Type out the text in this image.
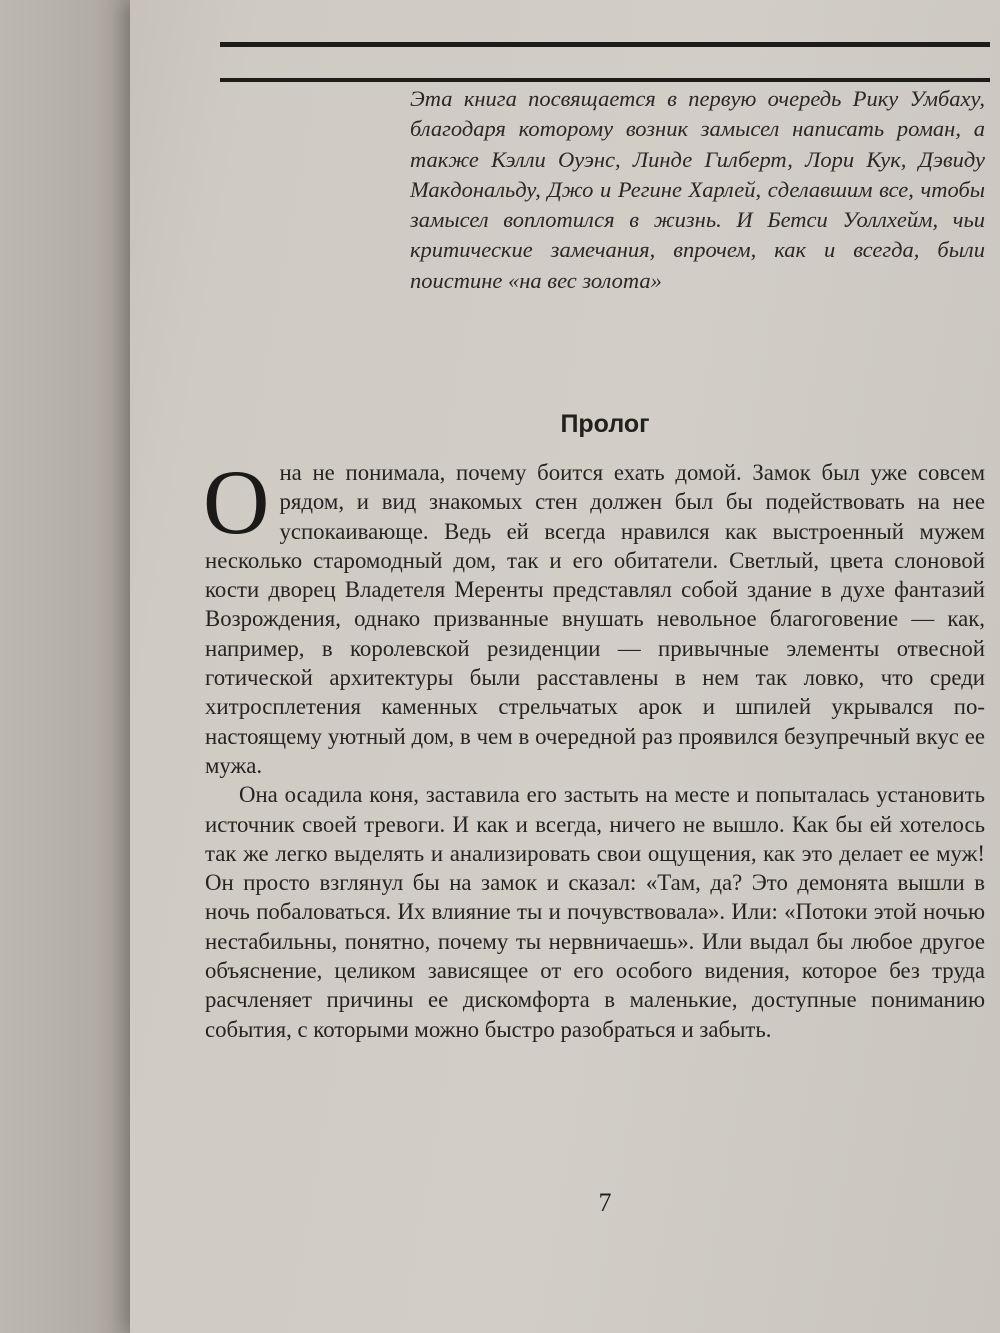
Эта книга посвящается в первую очередь Рику Умбаху, благодаря которому возник замысел написать роман, а также Кэлли Оуэнс, Линде Гилберт, Лори Кук, Дэвиду Макдональду, Джо и Регине Харлей, сделавшим все, чтобы замысел воплотился в жизнь. И Бетси Уоллхейм, чьи критические замечания, впрочем, как и всегда, были поистине «на вес золота»
Пролог

Она не понимала, почему боится ехать домой. Замок был уже совсем рядом, и вид знакомых стен должен был бы подействовать на нее успокаивающе. Ведь ей всегда нравился как выстроенный мужем несколько старомодный дом, так и его обитатели. Светлый, цвета слоновой кости дворец Владетеля Меренты представлял собой здание в духе фантазий Возрождения, однако призванные внушать невольное благоговение — как, например, в королевской резиденции — привычные элементы отвесной готической архитектуры были расставлены в нем так ловко, что среди хитросплетения каменных стрельчатых арок и шпилей укрывался по-настоящему уютный дом, в чем в очередной раз проявился безупречный вкус ее мужа.

Она осадила коня, заставила его застыть на месте и попыталась установить источник своей тревоги. И как и всегда, ничего не вышло. Как бы ей хотелось так же легко выделять и анализировать свои ощущения, как это делает ее муж! Он просто взглянул бы на замок и сказал: «Там, да? Это демонята вышли в ночь побаловаться. Их влияние ты и почувствовала». Или: «Потоки этой ночью нестабильны, понятно, почему ты нервничаешь». Или выдал бы любое другое объяснение, целиком зависящее от его особого видения, которое без труда расчленяет причины ее дискомфорта в маленькие, доступные пониманию события, с которыми можно быстро разобраться и забыть.

7
